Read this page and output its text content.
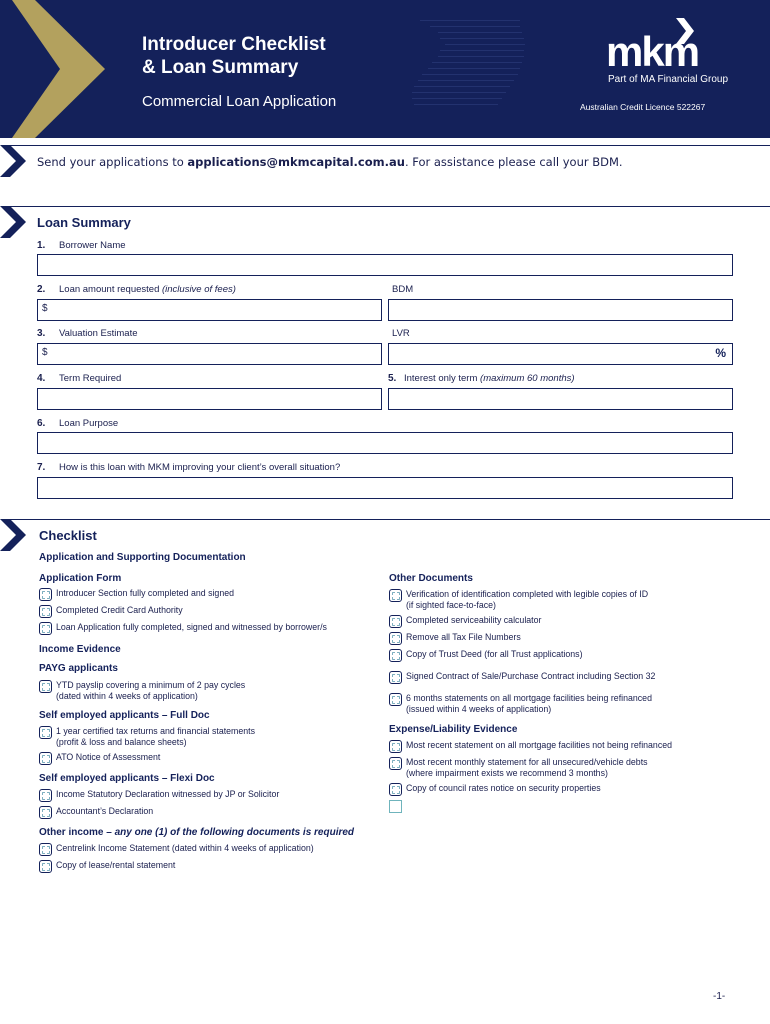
Introducer Checklist
& Loan Summary
Commercial Loan Application
mkm
Part of MA Financial Group
Australian Credit Licence 522267
Send your applications to applications@mkmcapital.com.au. For assistance please call your BDM.
Loan Summary
1. Borrower Name
2. Loan amount requested (inclusive of fees)	BDM
$
3. Valuation Estimate	LVR
$	%
4. Term Required	5. Interest only term (maximum 60 months)
6. Loan Purpose
7. How is this loan with MKM improving your client’s overall situation?
Checklist
Application and Supporting Documentation
Application Form
Introducer Section fully completed and signed
Completed Credit Card Authority
Loan Application fully completed, signed and witnessed by borrower/s
Income Evidence
PAYG applicants
YTD payslip covering a minimum of 2 pay cycles
(dated within 4 weeks of application)
Self employed applicants – Full Doc
1 year certified tax returns and financial statements
(profit & loss and balance sheets)
ATO Notice of Assessment
Self employed applicants – Flexi Doc
Income Statutory Declaration witnessed by JP or Solicitor
Accountant’s Declaration
Other income – any one (1) of the following documents is required
Centrelink Income Statement (dated within 4 weeks of application)
Copy of lease/rental statement
Other Documents
Verification of identification completed with legible copies of ID
(if sighted face-to-face)
Completed serviceability calculator
Remove all Tax File Numbers
Copy of Trust Deed (for all Trust applications)
Signed Contract of Sale/Purchase Contract including Section 32
6 months statements on all mortgage facilities being refinanced
(issued within 4 weeks of application)
Expense/Liability Evidence
Most recent statement on all mortgage facilities not being refinanced
Most recent monthly statement for all unsecured/vehicle debts
(where impairment exists we recommend 3 months)
Copy of council rates notice on security properties
-1-
